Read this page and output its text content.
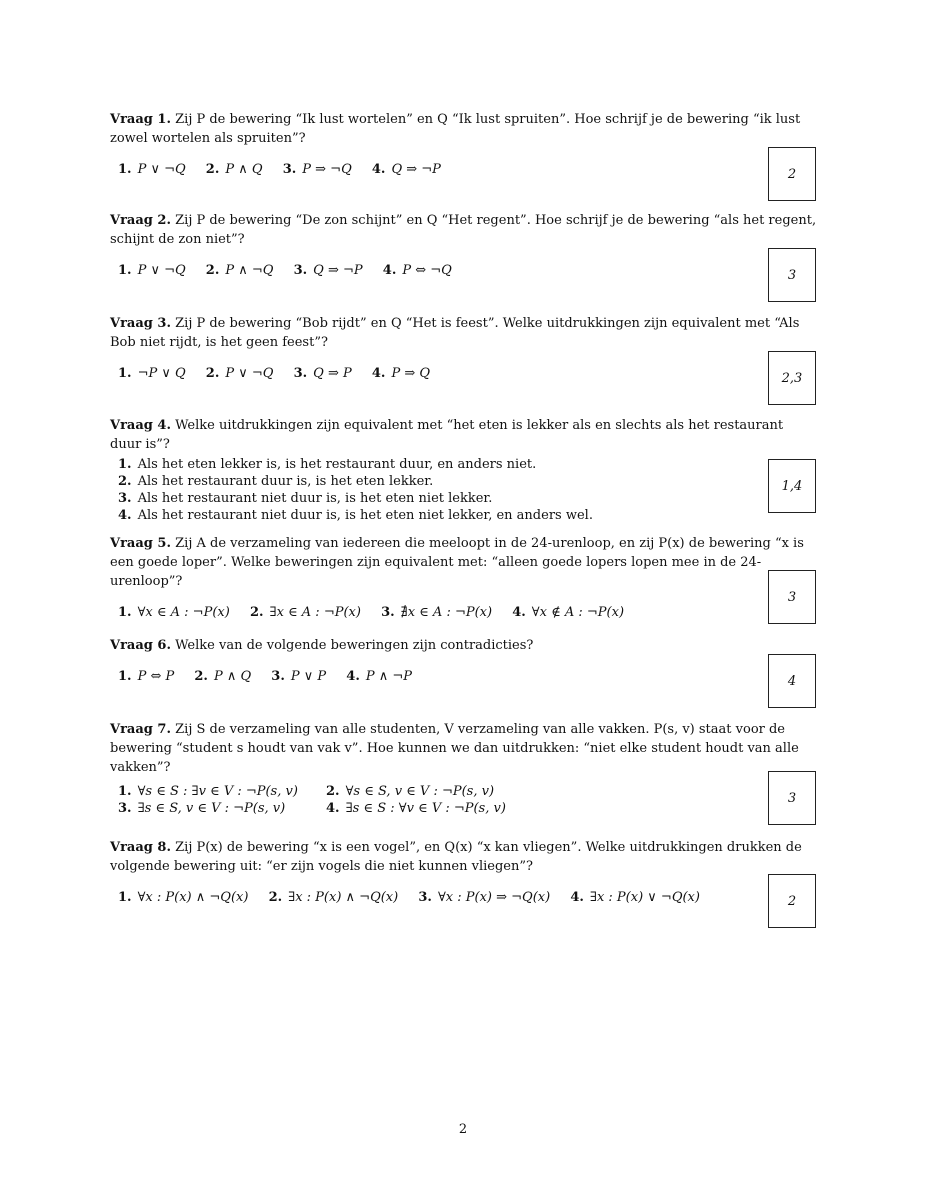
Vraag 1. Zij P de bewering “Ik lust wortelen” en Q “Ik lust spruiten”. Hoe schrijf je de bewering “ik lust zowel wortelen als spruiten”?
1. P ∨ ¬Q 2. P ∧ Q 3. P ⇒ ¬Q 4. Q ⇒ ¬P	2
Vraag 2. Zij P de bewering “De zon schijnt” en Q “Het regent”. Hoe schrijf je de bewering “als het regent, schijnt de zon niet”?
1. P ∨ ¬Q 2. P ∧ ¬Q 3. Q ⇒ ¬P 4. P ⇔ ¬Q	3
Vraag 3. Zij P de bewering “Bob rijdt” en Q “Het is feest”. Welke uitdrukkingen zijn equivalent met “Als Bob niet rijdt, is het geen feest”?
1. ¬P ∨ Q 2. P ∨ ¬Q 3. Q ⇒ P 4. P ⇒ Q	2,3
Vraag 4. Welke uitdrukkingen zijn equivalent met “het eten is lekker als en slechts als het restaurant duur is”?
1. Als het eten lekker is, is het restaurant duur, en anders niet.
2. Als het restaurant duur is, is het eten lekker.
3. Als het restaurant niet duur is, is het eten niet lekker.
4. Als het restaurant niet duur is, is het eten niet lekker, en anders wel.
1,4
Vraag 5. Zij A de verzameling van iedereen die meeloopt in de 24-urenloop, en zij P(x) de bewering “x is een goede loper”. Welke beweringen zijn equivalent met: “alleen goede lopers lopen mee in de 24-urenloop”?
1. ∀x ∈ A : ¬P(x) 2. ∃x ∈ A : ¬P(x) 3. ∄x ∈ A : ¬P(x) 4. ∀x ∉ A : ¬P(x)
3
Vraag 6. Welke van de volgende beweringen zijn contradicties?
1. P ⇔ P 2. P ∧ Q 3. P ∨ P 4. P ∧ ¬P	4
Vraag 7. Zij S de verzameling van alle studenten, V verzameling van alle vakken. P(s, v) staat voor de bewering “student s houdt van vak v”. Hoe kunnen we dan uitdrukken: “niet elke student houdt van alle vakken”?
1. ∀s ∈ S : ∃v ∈ V : ¬P(s, v) 2. ∀s ∈ S, v ∈ V : ¬P(s, v)
3. ∃s ∈ S, v ∈ V : ¬P(s, v)	4. ∃s ∈ S : ∀v ∈ V : ¬P(s, v)
3
Vraag 8. Zij P(x) de bewering “x is een vogel”, en Q(x) “x kan vliegen”. Welke uitdrukkingen drukken de volgende bewering uit: “er zijn vogels die niet kunnen vliegen”?
1. ∀x : P(x) ∧ ¬Q(x) 2. ∃x : P(x) ∧ ¬Q(x) 3. ∀x : P(x) ⇒ ¬Q(x) 4. ∃x : P(x) ∨ ¬Q(x)	2
2
